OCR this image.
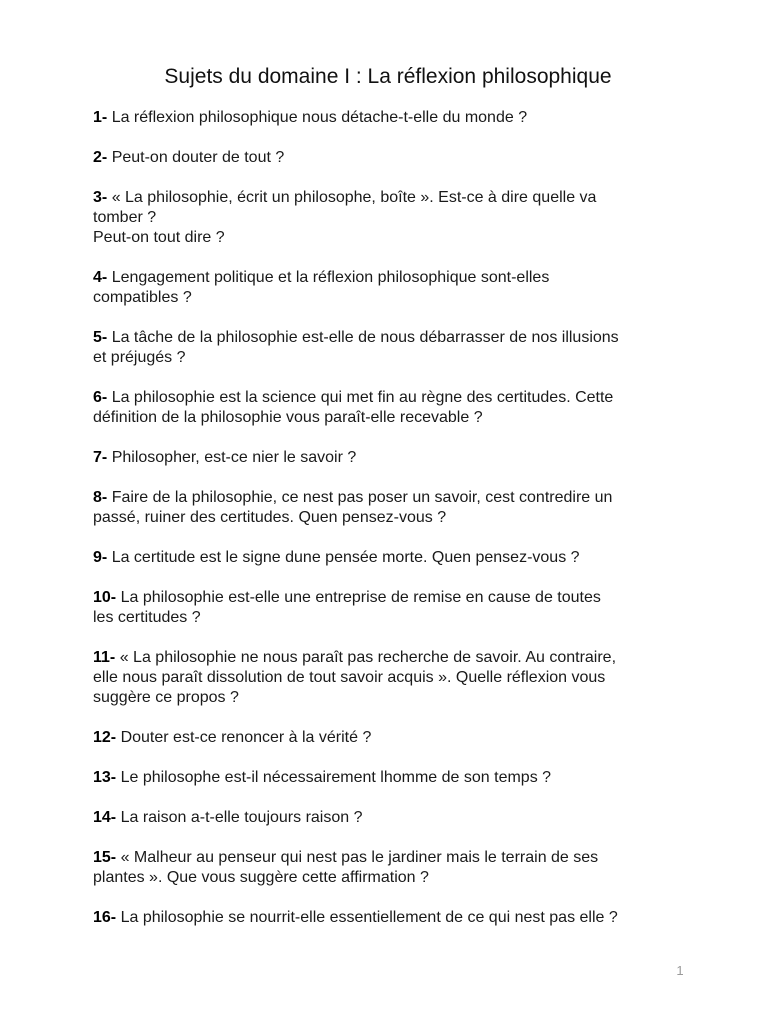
Sujets du domaine I : La réflexion philosophique
1- La réflexion philosophique nous détache-t-elle du monde ?
2- Peut-on douter de tout ?
3- « La philosophie, écrit un philosophe, boîte ». Est-ce à dire quelle va
tomber ?
Peut-on tout dire ?
4- Lengagement politique et la réflexion philosophique sont-elles
compatibles ?
5- La tâche de la philosophie est-elle de nous débarrasser de nos illusions
et préjugés ?
6- La philosophie est la science qui met fin au règne des certitudes. Cette
définition de la philosophie vous paraît-elle recevable ?
7- Philosopher, est-ce nier le savoir ?
8- Faire de la philosophie, ce nest pas poser un savoir, cest contredire un
passé, ruiner des certitudes. Quen pensez-vous ?
9- La certitude est le signe dune pensée morte. Quen pensez-vous ?
10- La philosophie est-elle une entreprise de remise en cause de toutes
les certitudes ?
11- « La philosophie ne nous paraît pas recherche de savoir. Au contraire,
elle nous paraît dissolution de tout savoir acquis ». Quelle réflexion vous
suggère ce propos ?
12- Douter est-ce renoncer à la vérité ?
13- Le philosophe est-il nécessairement lhomme de son temps ?
14- La raison a-t-elle toujours raison ?
15- « Malheur au penseur qui nest pas le jardiner mais le terrain de ses
plantes ». Que vous suggère cette affirmation ?
16- La philosophie se nourrit-elle essentiellement de ce qui nest pas elle ?
1
